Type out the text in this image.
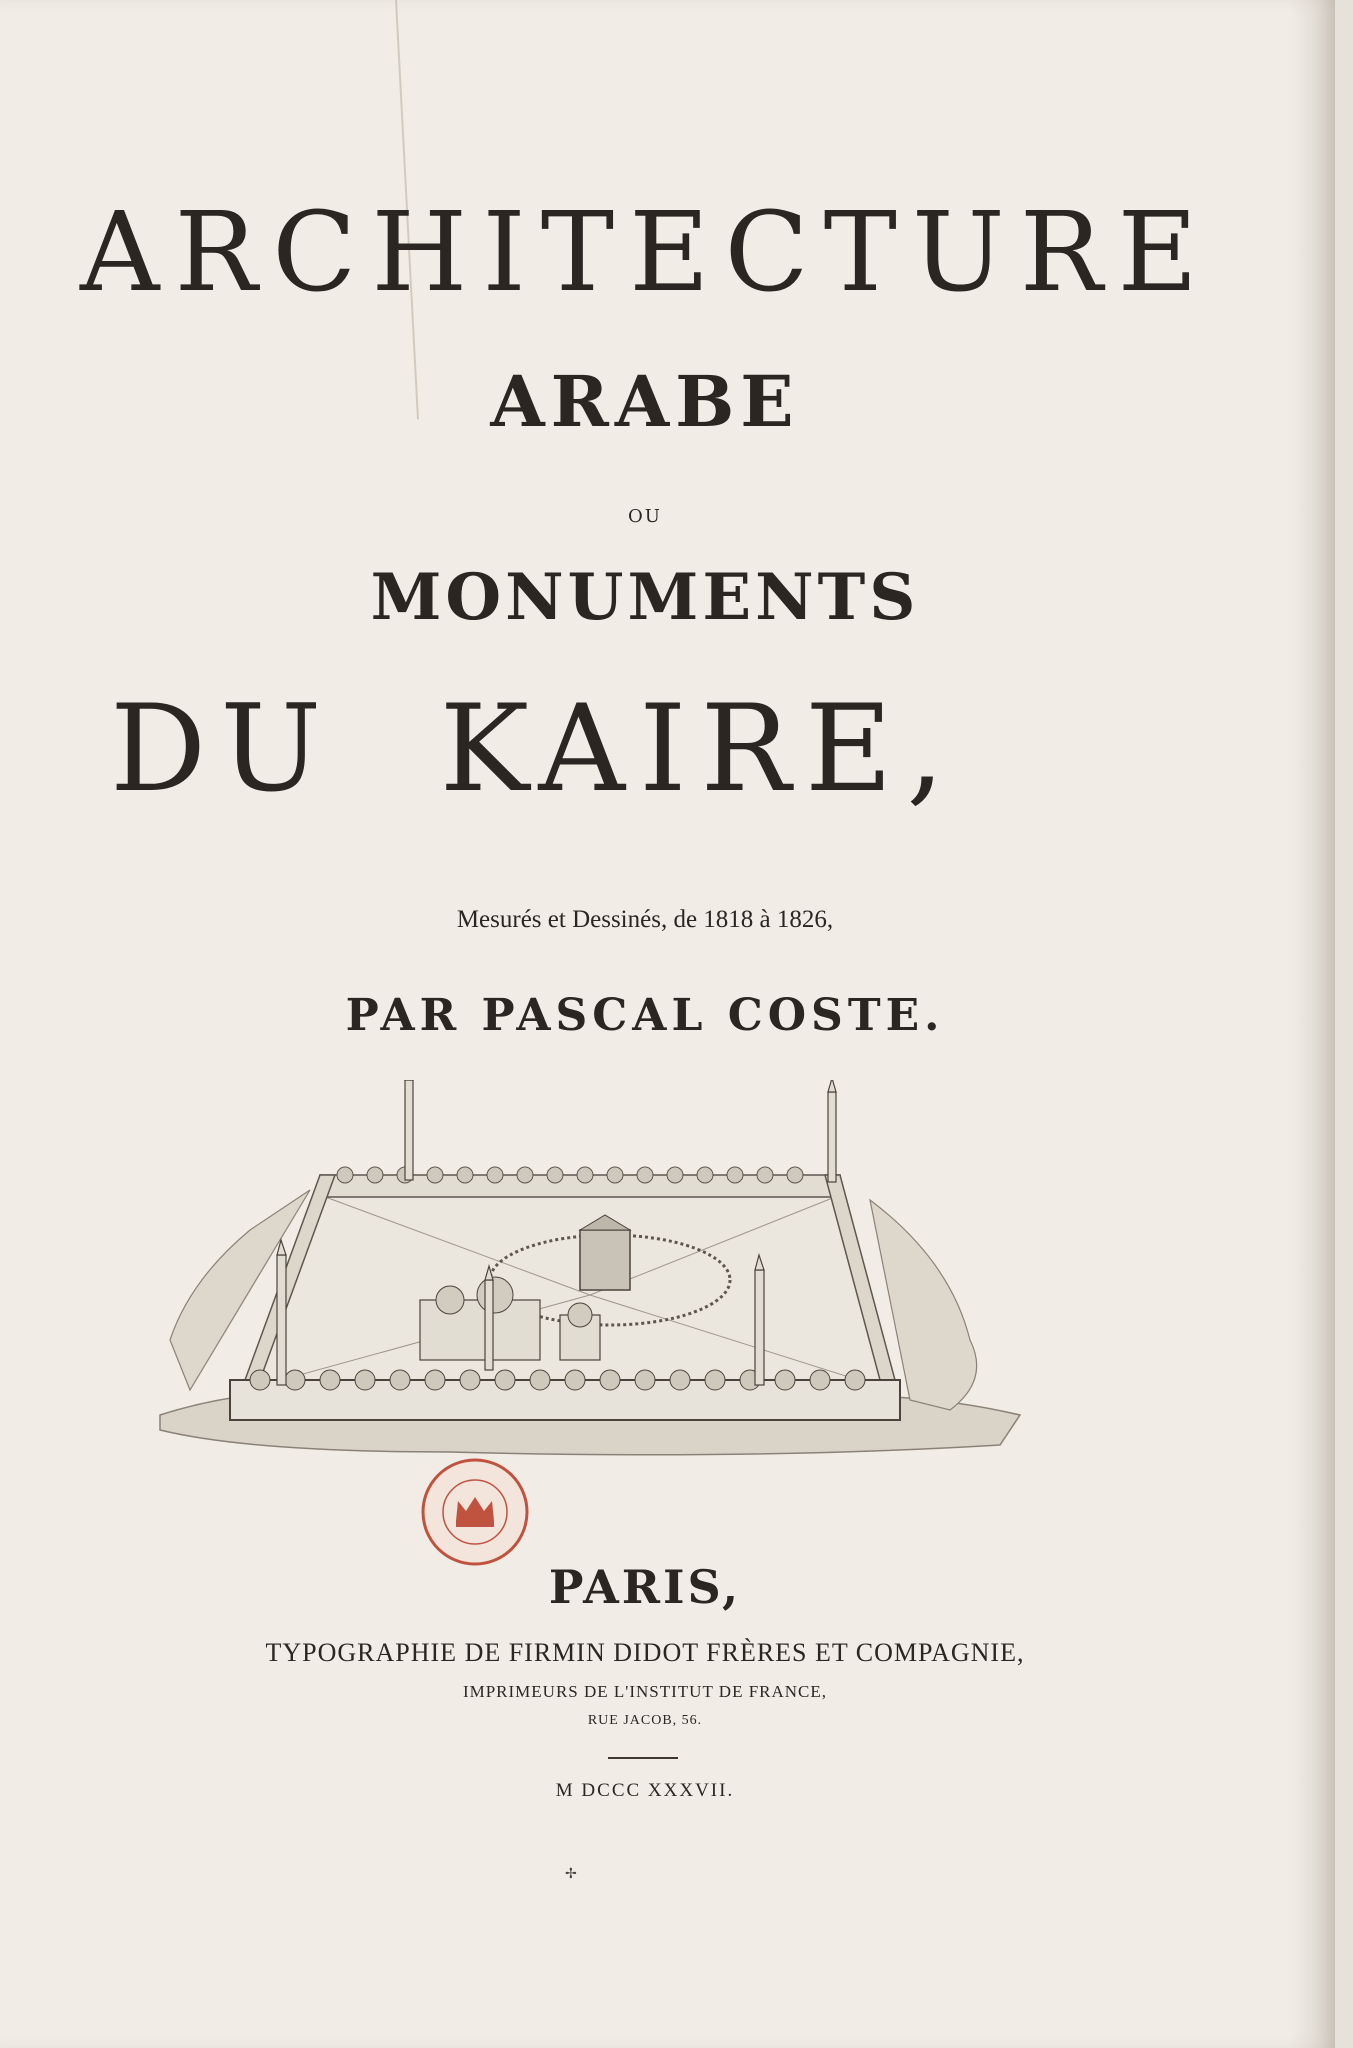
ARCHITECTURE
ARABE
OU
MONUMENTS
DU  KAIRE,
Mesurés et Dessinés, de 1818 à 1826,
PAR PASCAL COSTE.
PARIS,
TYPOGRAPHIE DE FIRMIN DIDOT FRÈRES ET COMPAGNIE,
IMPRIMEURS DE L'INSTITUT DE FRANCE,
RUE JACOB, 56.
M DCCC XXXVII.
✢
